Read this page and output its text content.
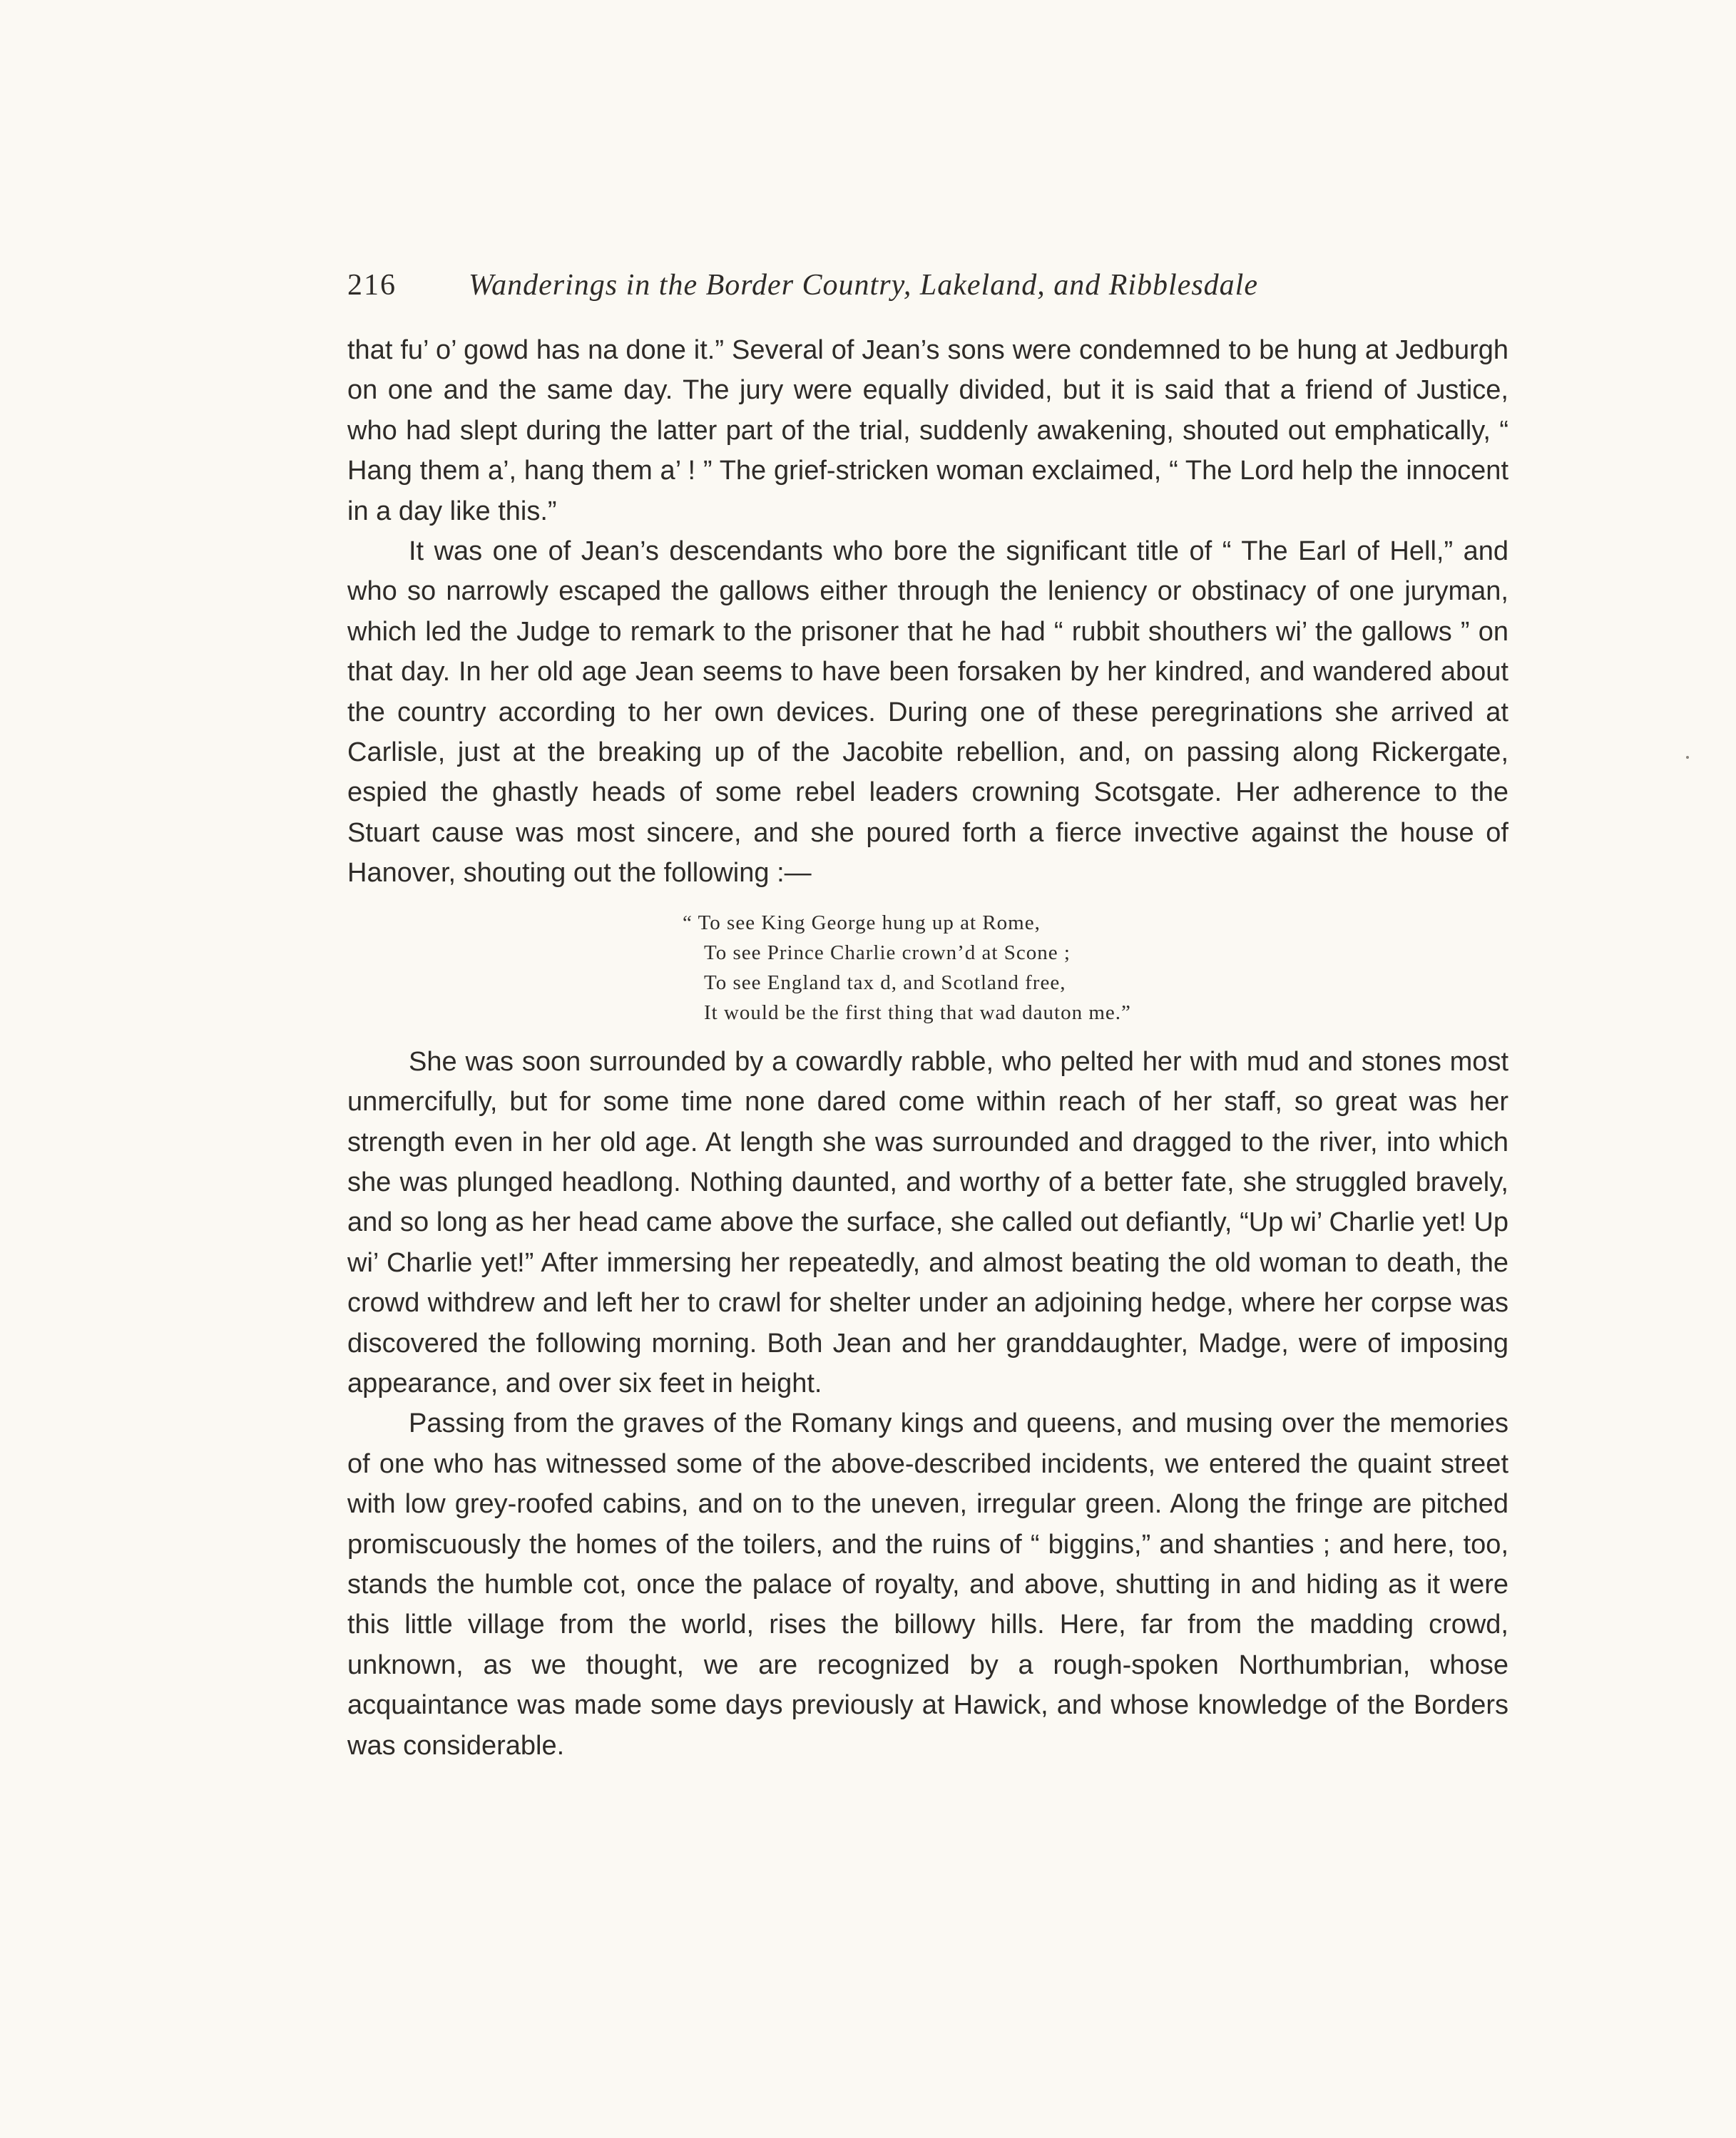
216 Wanderings in the Border Country, Lakeland, and Ribblesdale

that fu’ o’ gowd has na done it.” Several of Jean’s sons were condemned to be hung at Jedburgh on one and the same day. The jury were equally divided, but it is said that a friend of Justice, who had slept during the latter part of the trial, suddenly awakening, shouted out emphatically, “ Hang them a’, hang them a’ ! ” The grief-stricken woman exclaimed, “ The Lord help the innocent in a day like this.”

It was one of Jean’s descendants who bore the significant title of “ The Earl of Hell,” and who so narrowly escaped the gallows either through the leniency or obstinacy of one juryman, which led the Judge to remark to the prisoner that he had “ rubbit shouthers wi’ the gallows ” on that day. In her old age Jean seems to have been forsaken by her kindred, and wandered about the country according to her own devices. During one of these peregrinations she arrived at Carlisle, just at the breaking up of the Jacobite rebellion, and, on passing along Rickergate, espied the ghastly heads of some rebel leaders crowning Scotsgate. Her adherence to the Stuart cause was most sincere, and she poured forth a fierce invective against the house of Hanover, shouting out the following :—

“ To see King George hung up at Rome,
To see Prince Charlie crown’d at Scone ;
To see England tax d, and Scotland free,
It would be the first thing that wad dauton me.”

She was soon surrounded by a cowardly rabble, who pelted her with mud and stones most unmercifully, but for some time none dared come within reach of her staff, so great was her strength even in her old age. At length she was surrounded and dragged to the river, into which she was plunged headlong. Nothing daunted, and worthy of a better fate, she struggled bravely, and so long as her head came above the surface, she called out defiantly, “Up wi’ Charlie yet! Up wi’ Charlie yet!” After immersing her repeatedly, and almost beating the old woman to death, the crowd withdrew and left her to crawl for shelter under an adjoining hedge, where her corpse was discovered the following morning. Both Jean and her granddaughter, Madge, were of imposing appearance, and over six feet in height.

Passing from the graves of the Romany kings and queens, and musing over the memories of one who has witnessed some of the above-described incidents, we entered the quaint street with low grey-roofed cabins, and on to the uneven, irregular green. Along the fringe are pitched promiscuously the homes of the toilers, and the ruins of “ biggins,” and shanties ; and here, too, stands the humble cot, once the palace of royalty, and above, shutting in and hiding as it were this little village from the world, rises the billowy hills. Here, far from the madding crowd, unknown, as we thought, we are recognized by a rough-spoken Northumbrian, whose acquaintance was made some days previously at Hawick, and whose knowledge of the Borders was considerable.
